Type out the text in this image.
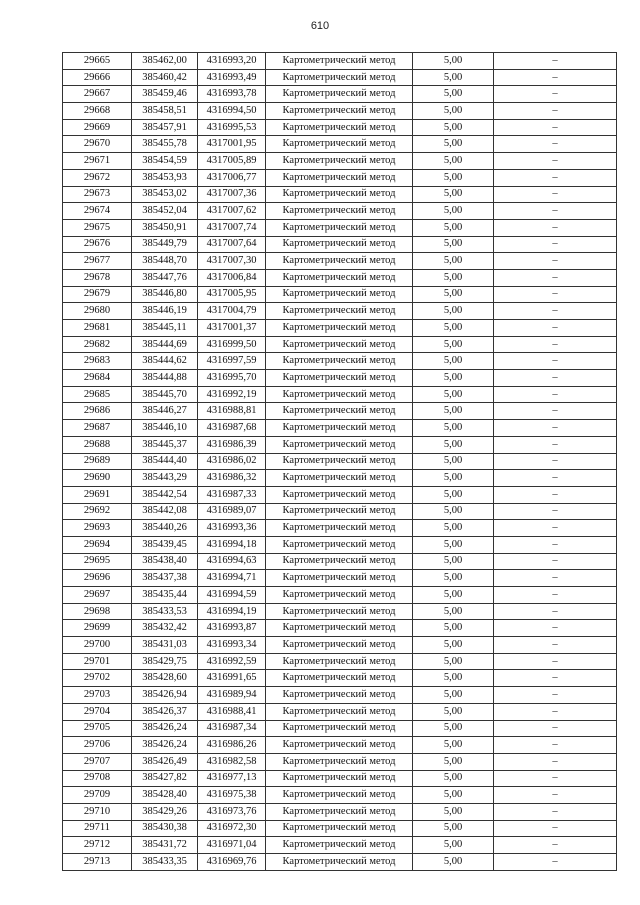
610
29665	385462,00	4316993,20	Картометрический метод	5,00	–
29666	385460,42	4316993,49	Картометрический метод	5,00	–
29667	385459,46	4316993,78	Картометрический метод	5,00	–
29668	385458,51	4316994,50	Картометрический метод	5,00	–
29669	385457,91	4316995,53	Картометрический метод	5,00	–
29670	385455,78	4317001,95	Картометрический метод	5,00	–
29671	385454,59	4317005,89	Картометрический метод	5,00	–
29672	385453,93	4317006,77	Картометрический метод	5,00	–
29673	385453,02	4317007,36	Картометрический метод	5,00	–
29674	385452,04	4317007,62	Картометрический метод	5,00	–
29675	385450,91	4317007,74	Картометрический метод	5,00	–
29676	385449,79	4317007,64	Картометрический метод	5,00	–
29677	385448,70	4317007,30	Картометрический метод	5,00	–
29678	385447,76	4317006,84	Картометрический метод	5,00	–
29679	385446,80	4317005,95	Картометрический метод	5,00	–
29680	385446,19	4317004,79	Картометрический метод	5,00	–
29681	385445,11	4317001,37	Картометрический метод	5,00	–
29682	385444,69	4316999,50	Картометрический метод	5,00	–
29683	385444,62	4316997,59	Картометрический метод	5,00	–
29684	385444,88	4316995,70	Картометрический метод	5,00	–
29685	385445,70	4316992,19	Картометрический метод	5,00	–
29686	385446,27	4316988,81	Картометрический метод	5,00	–
29687	385446,10	4316987,68	Картометрический метод	5,00	–
29688	385445,37	4316986,39	Картометрический метод	5,00	–
29689	385444,40	4316986,02	Картометрический метод	5,00	–
29690	385443,29	4316986,32	Картометрический метод	5,00	–
29691	385442,54	4316987,33	Картометрический метод	5,00	–
29692	385442,08	4316989,07	Картометрический метод	5,00	–
29693	385440,26	4316993,36	Картометрический метод	5,00	–
29694	385439,45	4316994,18	Картометрический метод	5,00	–
29695	385438,40	4316994,63	Картометрический метод	5,00	–
29696	385437,38	4316994,71	Картометрический метод	5,00	–
29697	385435,44	4316994,59	Картометрический метод	5,00	–
29698	385433,53	4316994,19	Картометрический метод	5,00	–
29699	385432,42	4316993,87	Картометрический метод	5,00	–
29700	385431,03	4316993,34	Картометрический метод	5,00	–
29701	385429,75	4316992,59	Картометрический метод	5,00	–
29702	385428,60	4316991,65	Картометрический метод	5,00	–
29703	385426,94	4316989,94	Картометрический метод	5,00	–
29704	385426,37	4316988,41	Картометрический метод	5,00	–
29705	385426,24	4316987,34	Картометрический метод	5,00	–
29706	385426,24	4316986,26	Картометрический метод	5,00	–
29707	385426,49	4316982,58	Картометрический метод	5,00	–
29708	385427,82	4316977,13	Картометрический метод	5,00	–
29709	385428,40	4316975,38	Картометрический метод	5,00	–
29710	385429,26	4316973,76	Картометрический метод	5,00	–
29711	385430,38	4316972,30	Картометрический метод	5,00	–
29712	385431,72	4316971,04	Картометрический метод	5,00	–
29713	385433,35	4316969,76	Картометрический метод	5,00	–
